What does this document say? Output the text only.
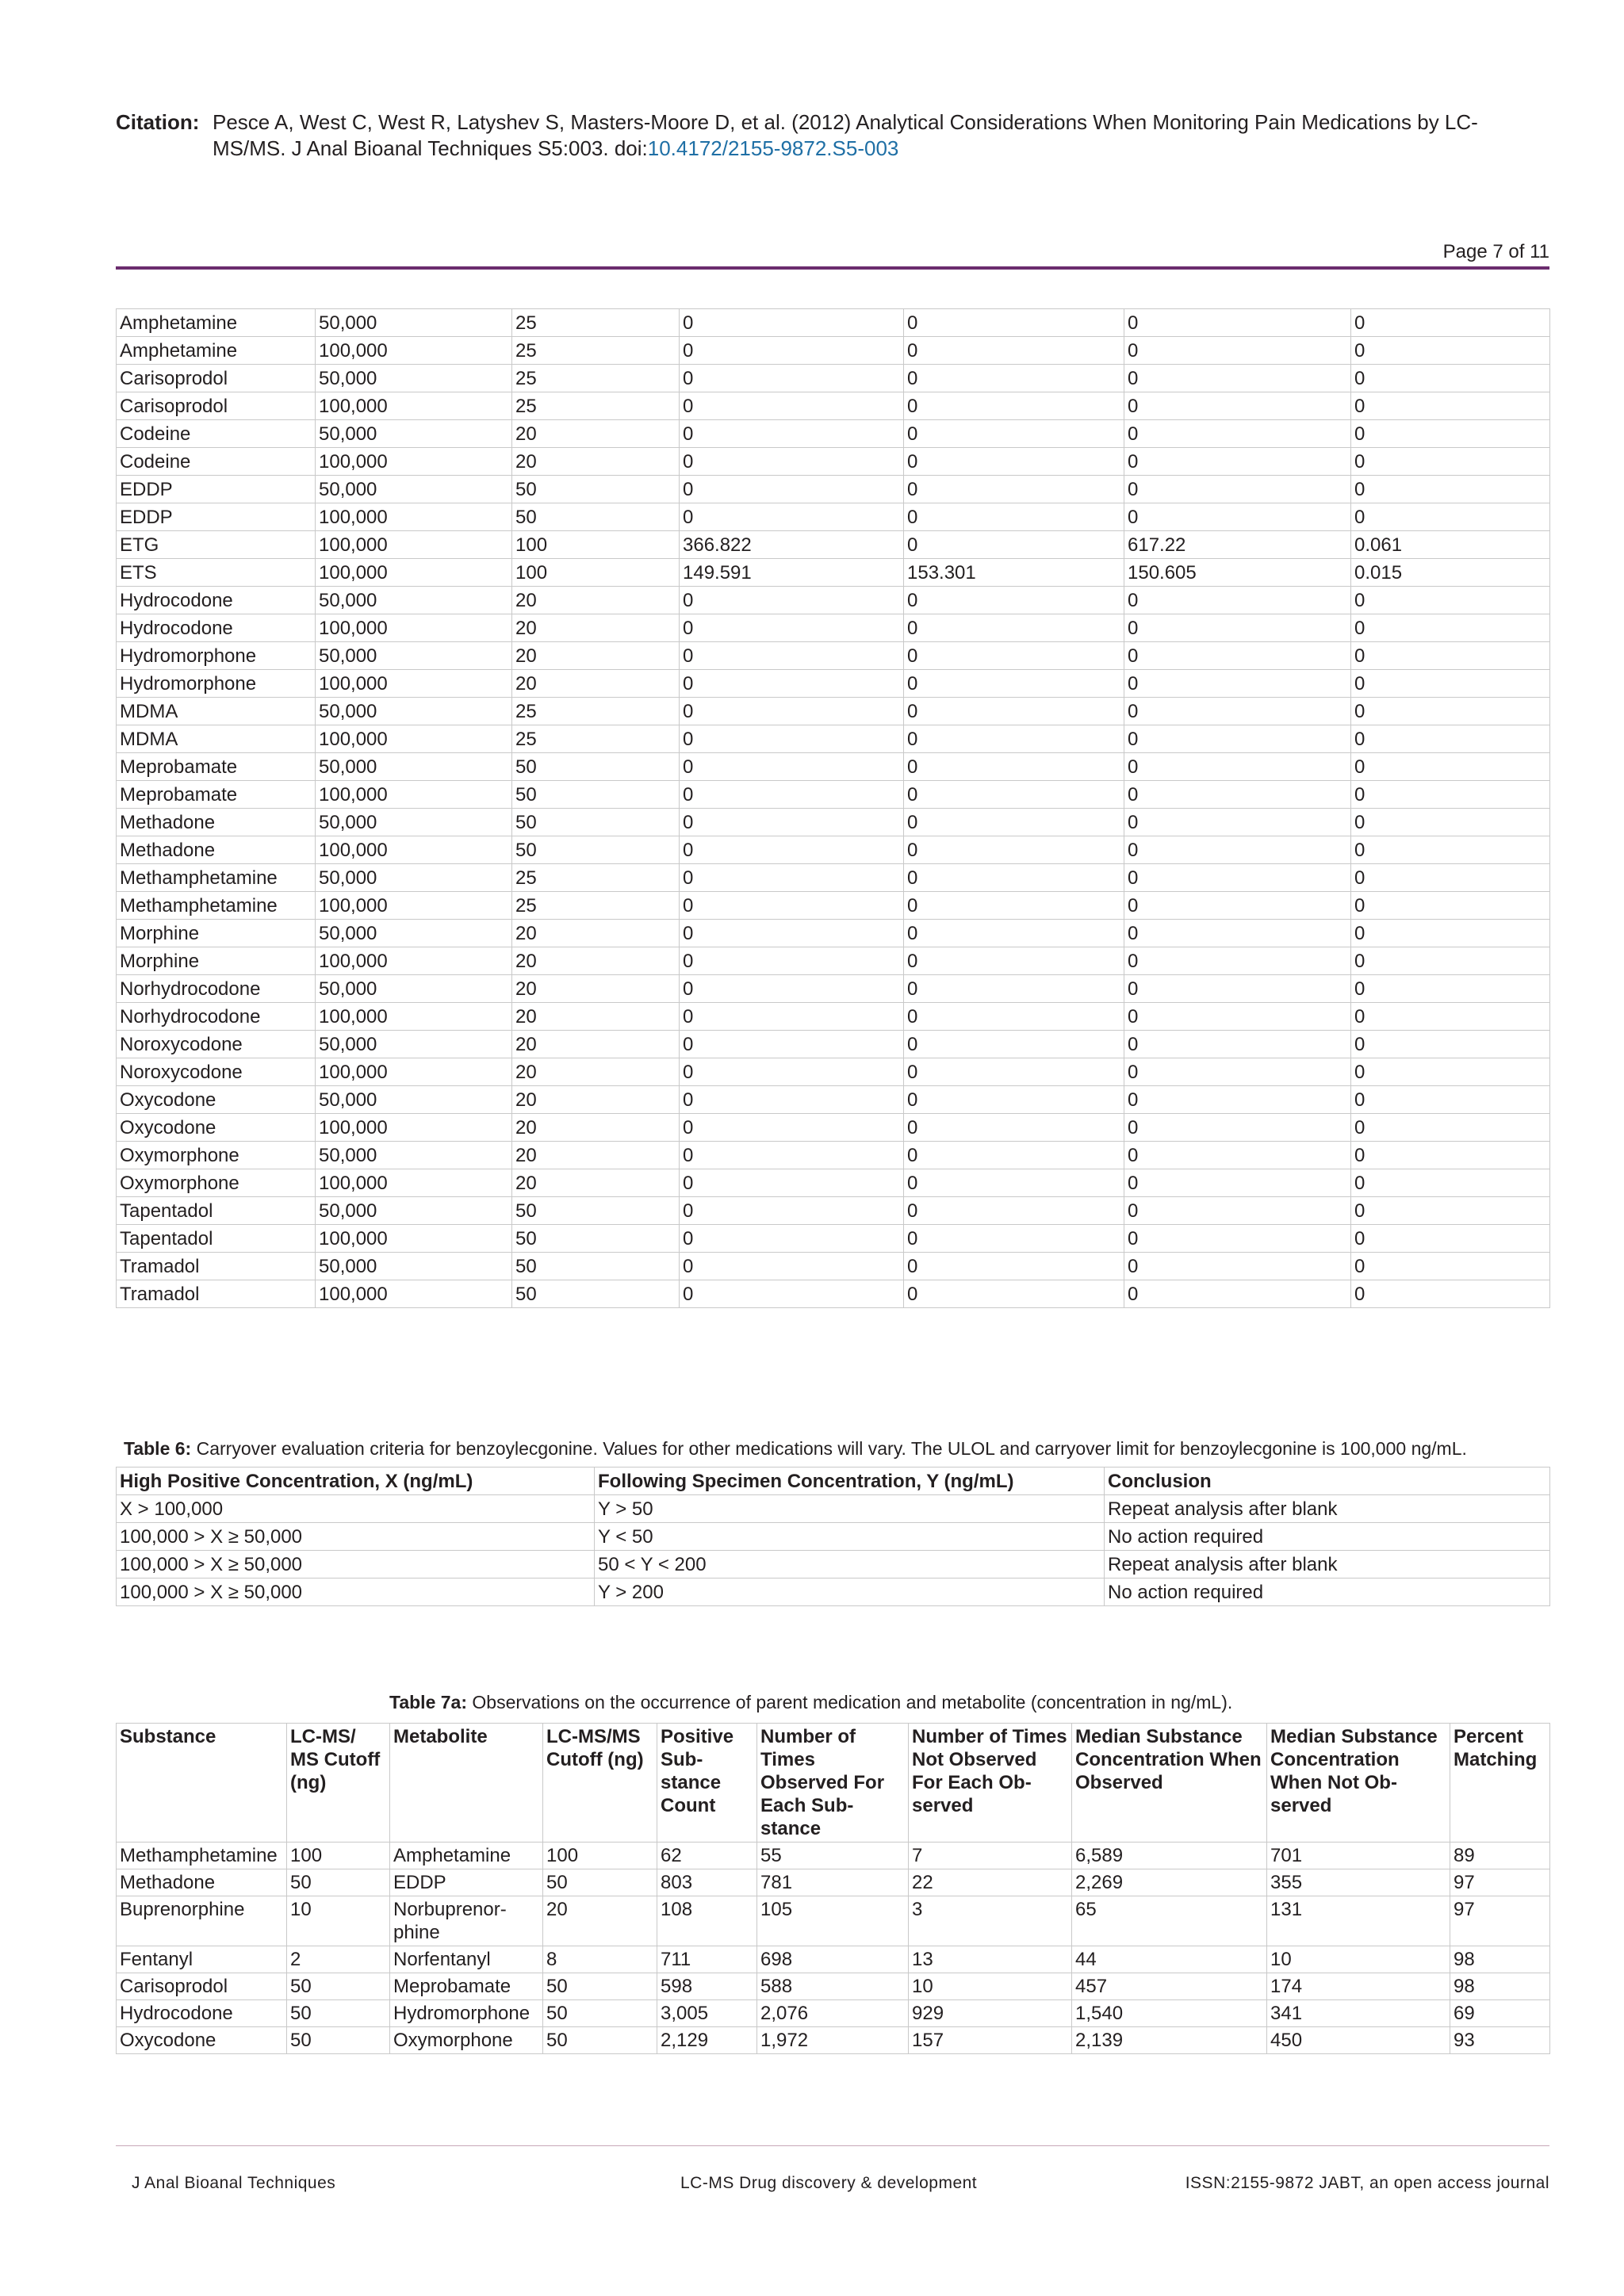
Citation: Pesce A, West C, West R, Latyshev S, Masters-Moore D, et al. (2012) Analytical Considerations When Monitoring Pain Medications by LC-MS/MS. J Anal Bioanal Techniques S5:003. doi:10.4172/2155-9872.S5-003
Page 7 of 11
Amphetamine	50,000	25	0	0	0	0
Amphetamine	100,000	25	0	0	0	0
Carisoprodol	50,000	25	0	0	0	0
Carisoprodol	100,000	25	0	0	0	0
Codeine	50,000	20	0	0	0	0
Codeine	100,000	20	0	0	0	0
EDDP	50,000	50	0	0	0	0
EDDP	100,000	50	0	0	0	0
ETG	100,000	100	366.822	0	617.22	0.061
ETS	100,000	100	149.591	153.301	150.605	0.015
Hydrocodone	50,000	20	0	0	0	0
Hydrocodone	100,000	20	0	0	0	0
Hydromorphone	50,000	20	0	0	0	0
Hydromorphone	100,000	20	0	0	0	0
MDMA	50,000	25	0	0	0	0
MDMA	100,000	25	0	0	0	0
Meprobamate	50,000	50	0	0	0	0
Meprobamate	100,000	50	0	0	0	0
Methadone	50,000	50	0	0	0	0
Methadone	100,000	50	0	0	0	0
Methamphetamine	50,000	25	0	0	0	0
Methamphetamine	100,000	25	0	0	0	0
Morphine	50,000	20	0	0	0	0
Morphine	100,000	20	0	0	0	0
Norhydrocodone	50,000	20	0	0	0	0
Norhydrocodone	100,000	20	0	0	0	0
Noroxycodone	50,000	20	0	0	0	0
Noroxycodone	100,000	20	0	0	0	0
Oxycodone	50,000	20	0	0	0	0
Oxycodone	100,000	20	0	0	0	0
Oxymorphone	50,000	20	0	0	0	0
Oxymorphone	100,000	20	0	0	0	0
Tapentadol	50,000	50	0	0	0	0
Tapentadol	100,000	50	0	0	0	0
Tramadol	50,000	50	0	0	0	0
Tramadol	100,000	50	0	0	0	0
Table 6: Carryover evaluation criteria for benzoylecgonine. Values for other medications will vary. The ULOL and carryover limit for benzoylecgonine is 100,000 ng/mL.
High Positive Concentration, X (ng/mL)	Following Specimen Concentration, Y (ng/mL)	Conclusion
X > 100,000	Y > 50	Repeat analysis after blank
100,000 > X ≥ 50,000	Y < 50	No action required
100,000 > X ≥ 50,000	50 < Y < 200	Repeat analysis after blank
100,000 > X ≥ 50,000	Y > 200	No action required
Table 7a: Observations on the occurrence of parent medication and metabolite (concentration in ng/mL).
Substance	LC-MS/ MS Cutoff (ng)	Metabolite	LC-MS/MS Cutoff (ng)	Positive Substance Count	Number of Times Observed For Each Substance	Number of Times Not Observed For Each Observed	Median Substance Concentration When Observed	Median Substance Concentration When Not Observed	Percent Matching
Methamphetamine	100	Amphetamine	100	62	55	7	6,589	701	89
Methadone	50	EDDP	50	803	781	22	2,269	355	97
Buprenorphine	10	Norbuprenor-phine	20	108	105	3	65	131	97
Fentanyl	2	Norfentanyl	8	711	698	13	44	10	98
Carisoprodol	50	Meprobamate	50	598	588	10	457	174	98
Hydrocodone	50	Hydromorphone	50	3,005	2,076	929	1,540	341	69
Oxycodone	50	Oxymorphone	50	2,129	1,972	157	2,139	450	93
J Anal Bioanal Techniques	LC-MS Drug discovery & development	ISSN:2155-9872 JABT, an open access journal
